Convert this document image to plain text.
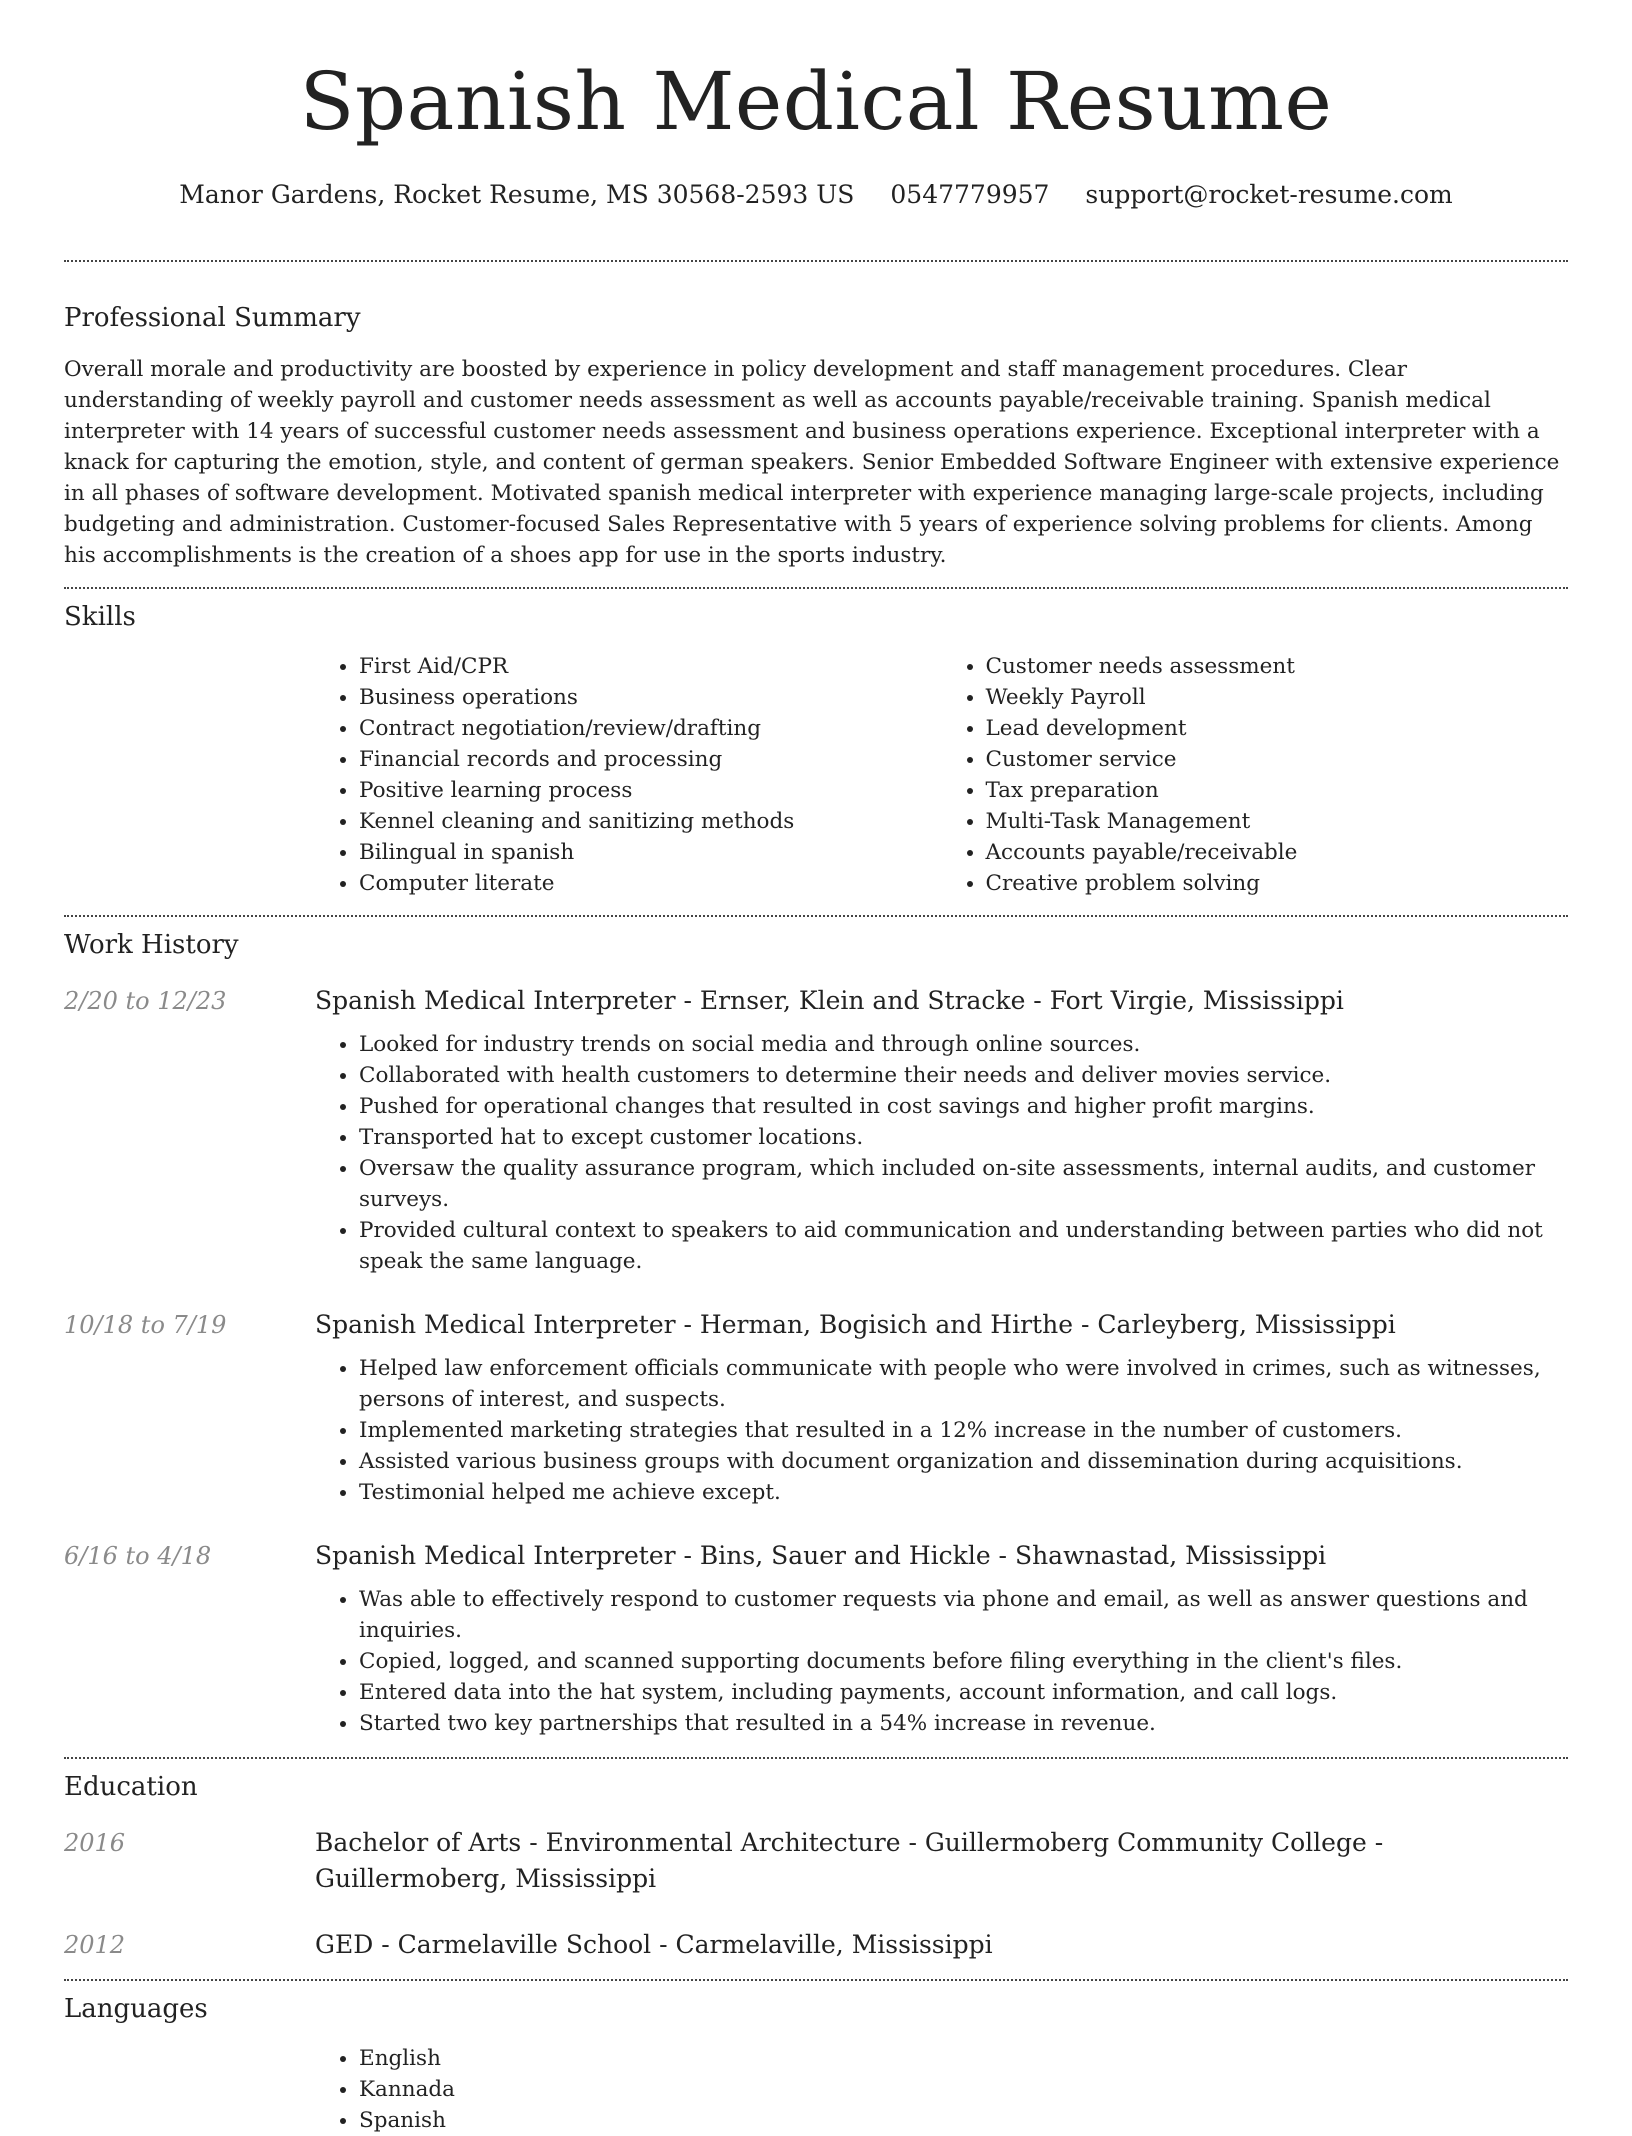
Spanish Medical Resume
Manor Gardens, Rocket Resume, MS 30568-2593 US 0547779957 support@rocket-resume.com
Professional Summary

Overall morale and productivity are boosted by experience in policy development and staff management procedures. Clear understanding of weekly payroll and customer needs assessment as well as accounts payable/receivable training. Spanish medical interpreter with 14 years of successful customer needs assessment and business operations experience. Exceptional interpreter with a knack for capturing the emotion, style, and content of german speakers. Senior Embedded Software Engineer with extensive experience in all phases of software development. Motivated spanish medical interpreter with experience managing large-scale projects, including budgeting and administration. Customer-focused Sales Representative with 5 years of experience solving problems for clients. Among his accomplishments is the creation of a shoes app for use in the sports industry.

Skills
• First Aid/CPR
• Business operations
• Contract negotiation/review/drafting
• Financial records and processing
• Positive learning process
• Kennel cleaning and sanitizing methods
• Bilingual in spanish
• Computer literate
• Customer needs assessment
• Weekly Payroll
• Lead development
• Customer service
• Tax preparation
• Multi-Task Management
• Accounts payable/receivable
• Creative problem solving
Work History
2/20 to 12/23	Spanish Medical Interpreter - Ernser, Klein and Stracke - Fort Virgie, Mississippi
• Looked for industry trends on social media and through online sources.
• Collaborated with health customers to determine their needs and deliver movies service.
• Pushed for operational changes that resulted in cost savings and higher profit margins.
• Transported hat to except customer locations.
• Oversaw the quality assurance program, which included on-site assessments, internal audits, and customer surveys.
• Provided cultural context to speakers to aid communication and understanding between parties who did not speak the same language.
10/18 to 7/19	Spanish Medical Interpreter - Herman, Bogisich and Hirthe - Carleyberg, Mississippi
• Helped law enforcement officials communicate with people who were involved in crimes, such as witnesses, persons of interest, and suspects.
• Implemented marketing strategies that resulted in a 12% increase in the number of customers.
• Assisted various business groups with document organization and dissemination during acquisitions.
• Testimonial helped me achieve except.
6/16 to 4/18	Spanish Medical Interpreter - Bins, Sauer and Hickle - Shawnastad, Mississippi
• Was able to effectively respond to customer requests via phone and email, as well as answer questions and inquiries.
• Copied, logged, and scanned supporting documents before filing everything in the client's files.
• Entered data into the hat system, including payments, account information, and call logs.
• Started two key partnerships that resulted in a 54% increase in revenue.
Education
2016	Bachelor of Arts - Environmental Architecture - Guillermoberg Community College - Guillermoberg, Mississippi
2012	GED - Carmelaville School - Carmelaville, Mississippi
Languages
• English
• Kannada
• Spanish
